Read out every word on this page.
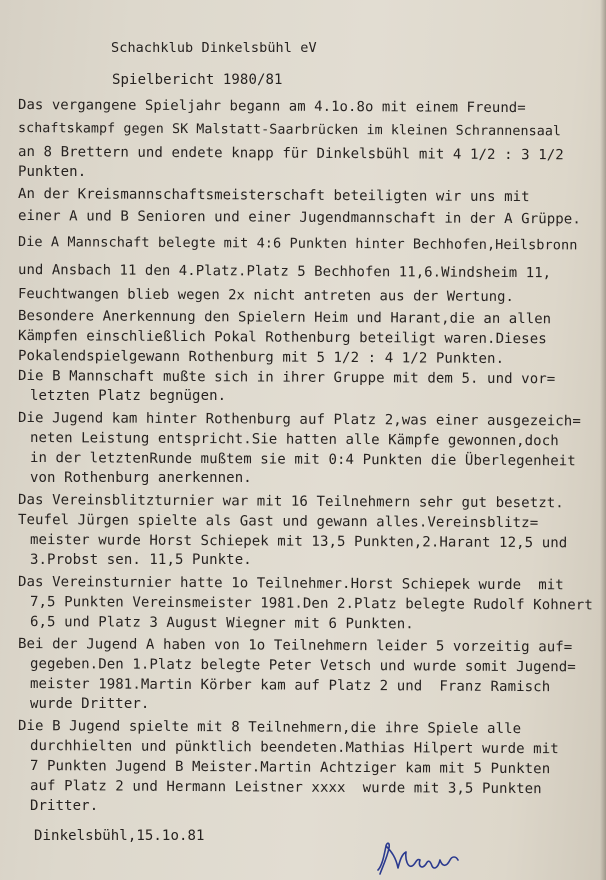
Schachklub Dinkelsbühl eV
Spielbericht 1980/81
Das vergangene Spieljahr begann am 4.1o.8o mit einem Freund=
schaftskampf gegen SK Malstatt-Saarbrücken im kleinen Schrannensaal
an 8 Brettern und endete knapp für Dinkelsbühl mit 4 1/2 : 3 1/2
Punkten.
An der Kreismannschaftsmeisterschaft beteiligten wir uns mit
einer A und B Senioren und einer Jugendmannschaft in der A Grüppe.
Die A Mannschaft belegte mit 4:6 Punkten hinter Bechhofen,Heilsbronn
und Ansbach 11 den 4.Platz.Platz 5 Bechhofen 11,6.Windsheim 11,
Feuchtwangen blieb wegen 2x nicht antreten aus der Wertung.
Besondere Anerkennung den Spielern Heim und Harant,die an allen
Kämpfen einschließlich Pokal Rothenburg beteiligt waren.Dieses
Pokalendspielgewann Rothenburg mit 5 1/2 : 4 1/2 Punkten.
Die B Mannschaft mußte sich in ihrer Gruppe mit dem 5. und vor=
letzten Platz begnügen.
Die Jugend kam hinter Rothenburg auf Platz 2,was einer ausgezeich=
neten Leistung entspricht.Sie hatten alle Kämpfe gewonnen,doch
in der letztenRunde mußtem sie mit 0:4 Punkten die Überlegenheit
von Rothenburg anerkennen.
Das Vereinsblitzturnier war mit 16 Teilnehmern sehr gut besetzt.
Teufel Jürgen spielte als Gast und gewann alles.Vereinsblitz=
meister wurde Horst Schiepek mit 13,5 Punkten,2.Harant 12,5 und
3.Probst sen. 11,5 Punkte.
Das Vereinsturnier hatte 1o Teilnehmer.Horst Schiepek wurde  mit
7,5 Punkten Vereinsmeister 1981.Den 2.Platz belegte Rudolf Kohnert
6,5 und Platz 3 August Wiegner mit 6 Punkten.
Bei der Jugend A haben von 1o Teilnehmern leider 5 vorzeitig auf=
gegeben.Den 1.Platz belegte Peter Vetsch und wurde somit Jugend=
meister 1981.Martin Körber kam auf Platz 2 und  Franz Ramisch
wurde Dritter.
Die B Jugend spielte mit 8 Teilnehmern,die ihre Spiele alle
durchhielten und pünktlich beendeten.Mathias Hilpert wurde mit
7 Punkten Jugend B Meister.Martin Achtziger kam mit 5 Punkten
auf Platz 2 und Hermann Leistner xxxx  wurde mit 3,5 Punkten
Dritter.
Dinkelsbühl,15.1o.81
